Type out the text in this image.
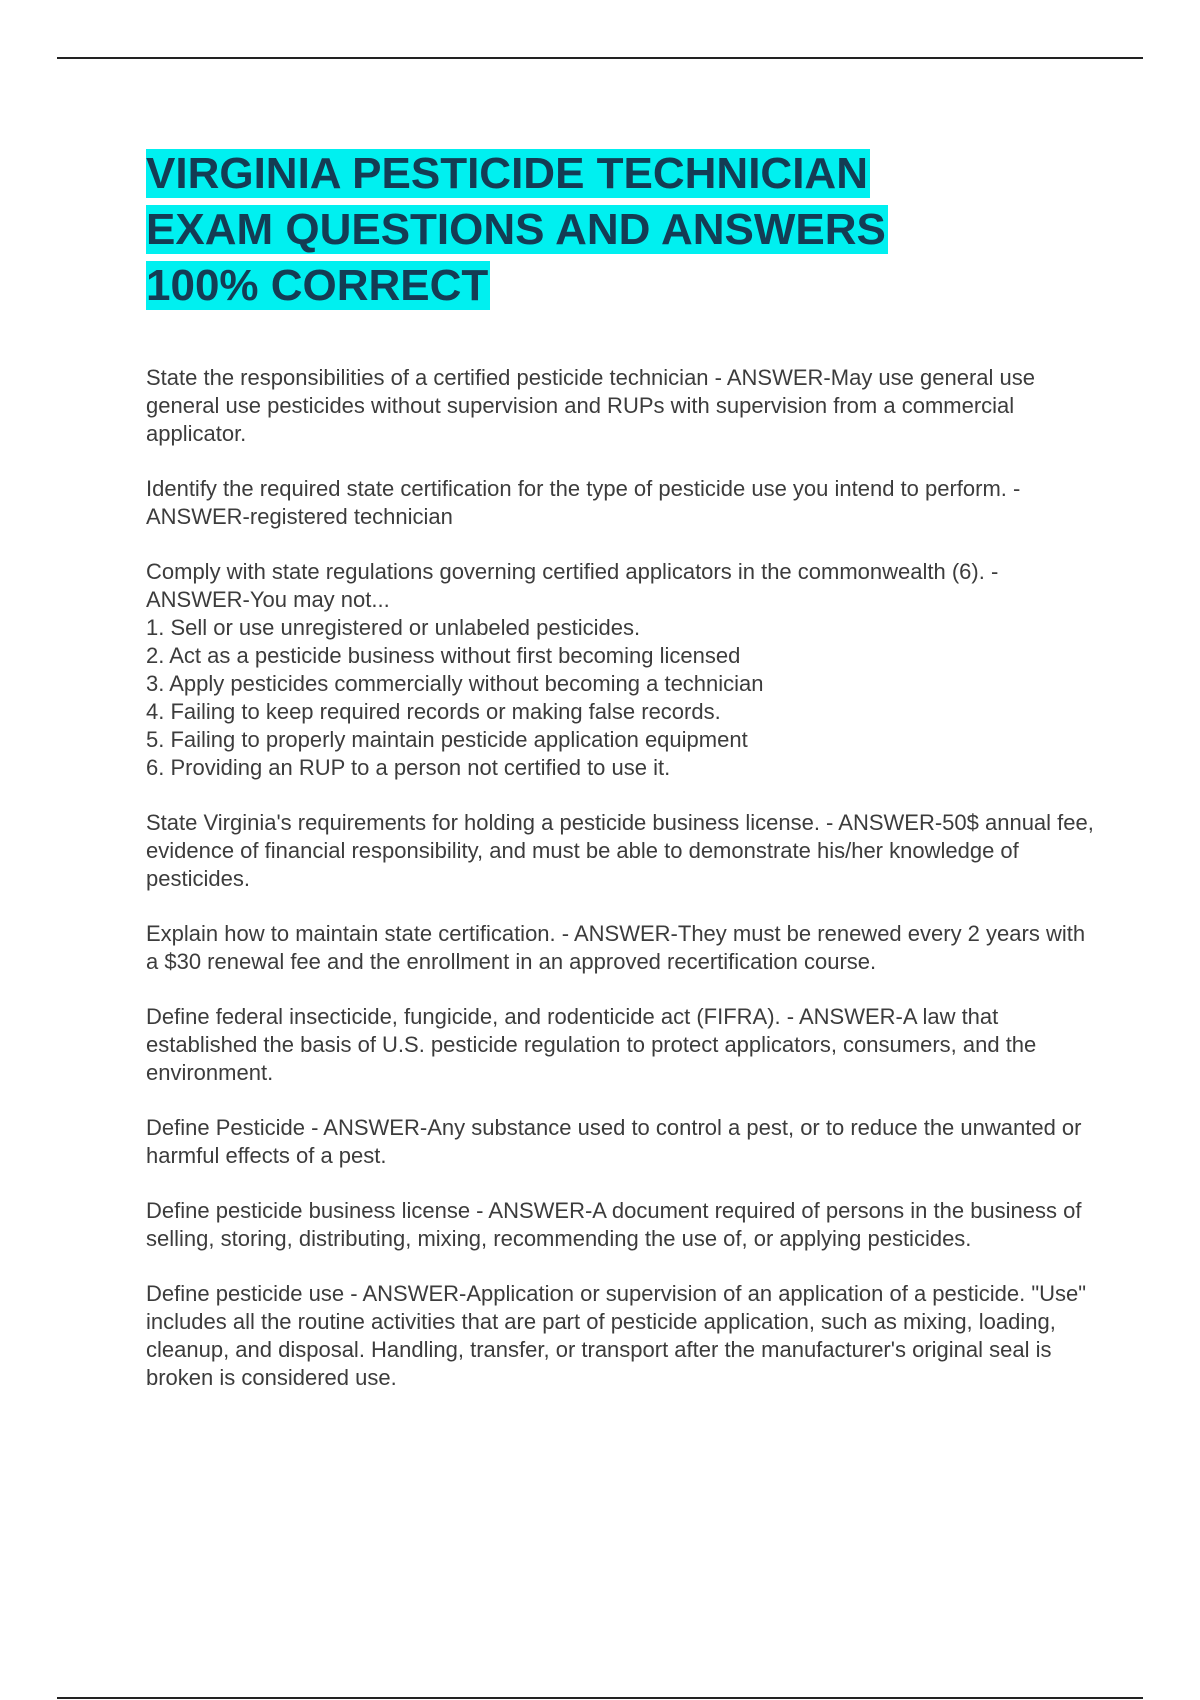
VIRGINIA PESTICIDE TECHNICIAN
EXAM QUESTIONS AND ANSWERS
100% CORRECT

State the responsibilities of a certified pesticide technician - ANSWER-May use general use general use pesticides without supervision and RUPs with supervision from a commercial applicator.

Identify the required state certification for the type of pesticide use you intend to perform. - ANSWER-registered technician

Comply with state regulations governing certified applicators in the commonwealth (6). - ANSWER-You may not...
1. Sell or use unregistered or unlabeled pesticides.
2. Act as a pesticide business without first becoming licensed
3. Apply pesticides commercially without becoming a technician
4. Failing to keep required records or making false records.
5. Failing to properly maintain pesticide application equipment
6. Providing an RUP to a person not certified to use it.

State Virginia's requirements for holding a pesticide business license. - ANSWER-50$ annual fee, evidence of financial responsibility, and must be able to demonstrate his/her knowledge of pesticides.

Explain how to maintain state certification. - ANSWER-They must be renewed every 2 years with a $30 renewal fee and the enrollment in an approved recertification course.

Define federal insecticide, fungicide, and rodenticide act (FIFRA). - ANSWER-A law that established the basis of U.S. pesticide regulation to protect applicators, consumers, and the environment.

Define Pesticide - ANSWER-Any substance used to control a pest, or to reduce the unwanted or harmful effects of a pest.

Define pesticide business license - ANSWER-A document required of persons in the business of selling, storing, distributing, mixing, recommending the use of, or applying pesticides.

Define pesticide use - ANSWER-Application or supervision of an application of a pesticide. "Use" includes all the routine activities that are part of pesticide application, such as mixing, loading, cleanup, and disposal. Handling, transfer, or transport after the manufacturer's original seal is broken is considered use.
